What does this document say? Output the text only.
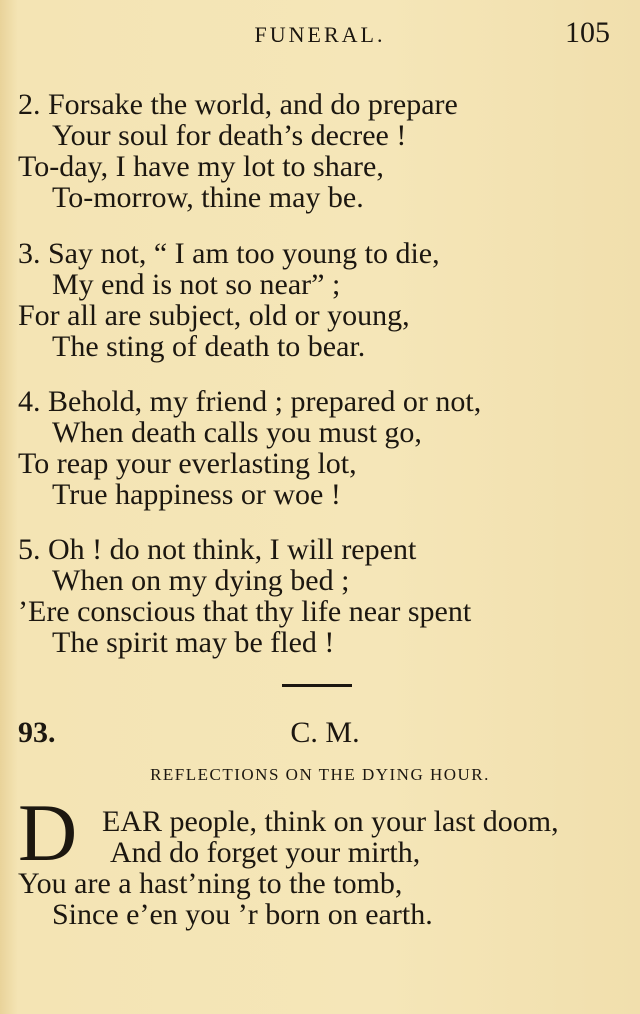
FUNERAL.	105
2. Forsake the world, and do prepare
Your soul for death’s decree !
To-day, I have my lot to share,
To-morrow, thine may be.
3. Say not, “ I am too young to die,
My end is not so near” ;
For all are subject, old or young,
The sting of death to bear.
4. Behold, my friend ; prepared or not,
When death calls you must go,
To reap your everlasting lot,
True happiness or woe !
5. Oh ! do not think, I will repent
When on my dying bed ;
’Ere conscious that thy life near spent
The spirit may be fled !
C. M.
93.
REFLECTIONS ON THE DYING HOUR.
D EAR people, think on your last doom,
And do forget your mirth,
You are a hast’ning to the tomb,
Since e’en you ’r born on earth.
